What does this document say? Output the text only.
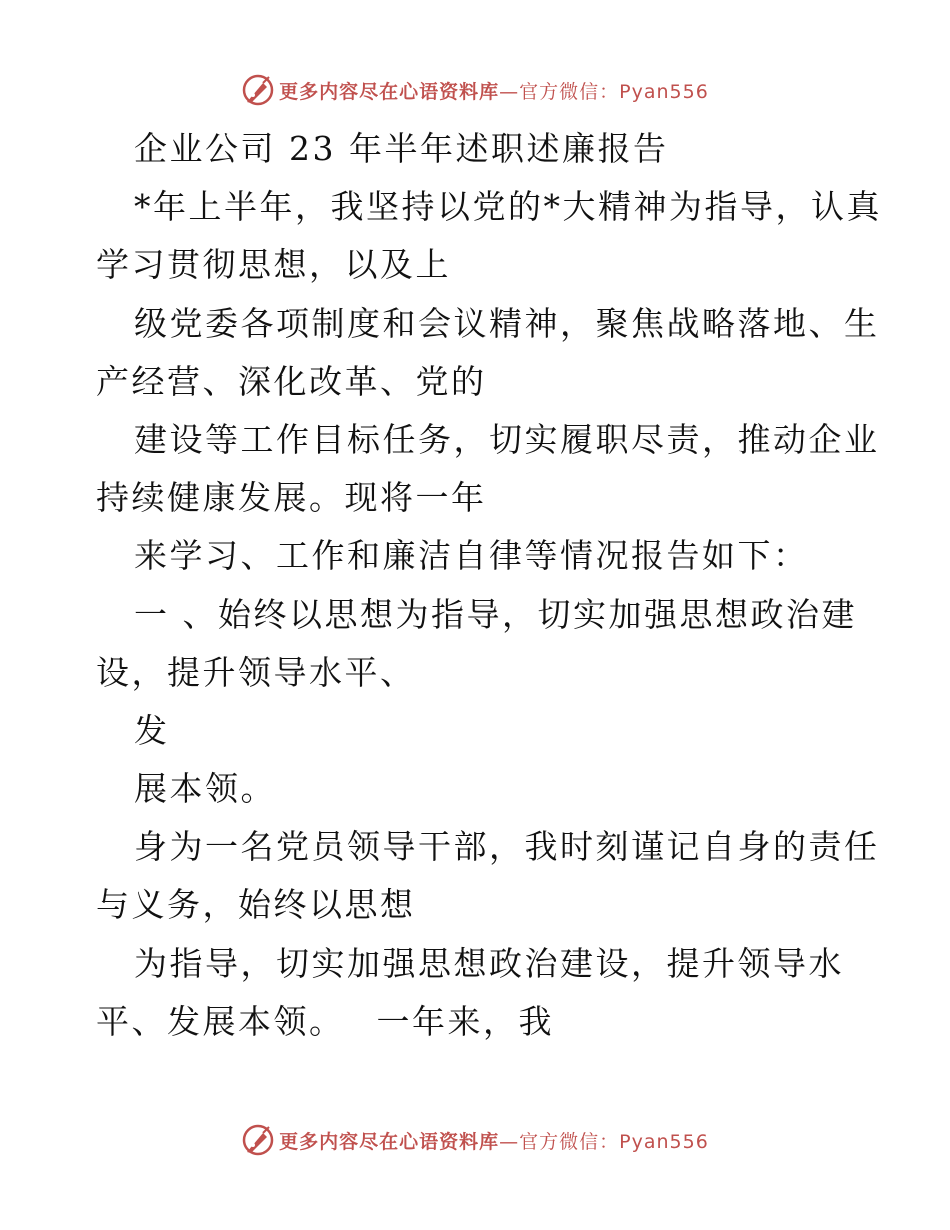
更多内容尽在心语资料库—官方微信：Pyan556
企业公司 23 年半年述职述廉报告
*年上半年，我坚持以党的*大精神为指导，认真
学习贯彻思想，以及上
级党委各项制度和会议精神，聚焦战略落地、生
产经营、深化改革、党的
建设等工作目标任务，切实履职尽责，推动企业
持续健康发展。现将一年
来学习、工作和廉洁自律等情况报告如下：
一 、始终以思想为指导，切实加强思想政治建
设，提升领导水平、
发
展本领。
身为一名党员领导干部，我时刻谨记自身的责任
与义务，始终以思想
为指导，切实加强思想政治建设，提升领导水
平、发展本领。　 一年来，我
更多内容尽在心语资料库—官方微信：Pyan556
